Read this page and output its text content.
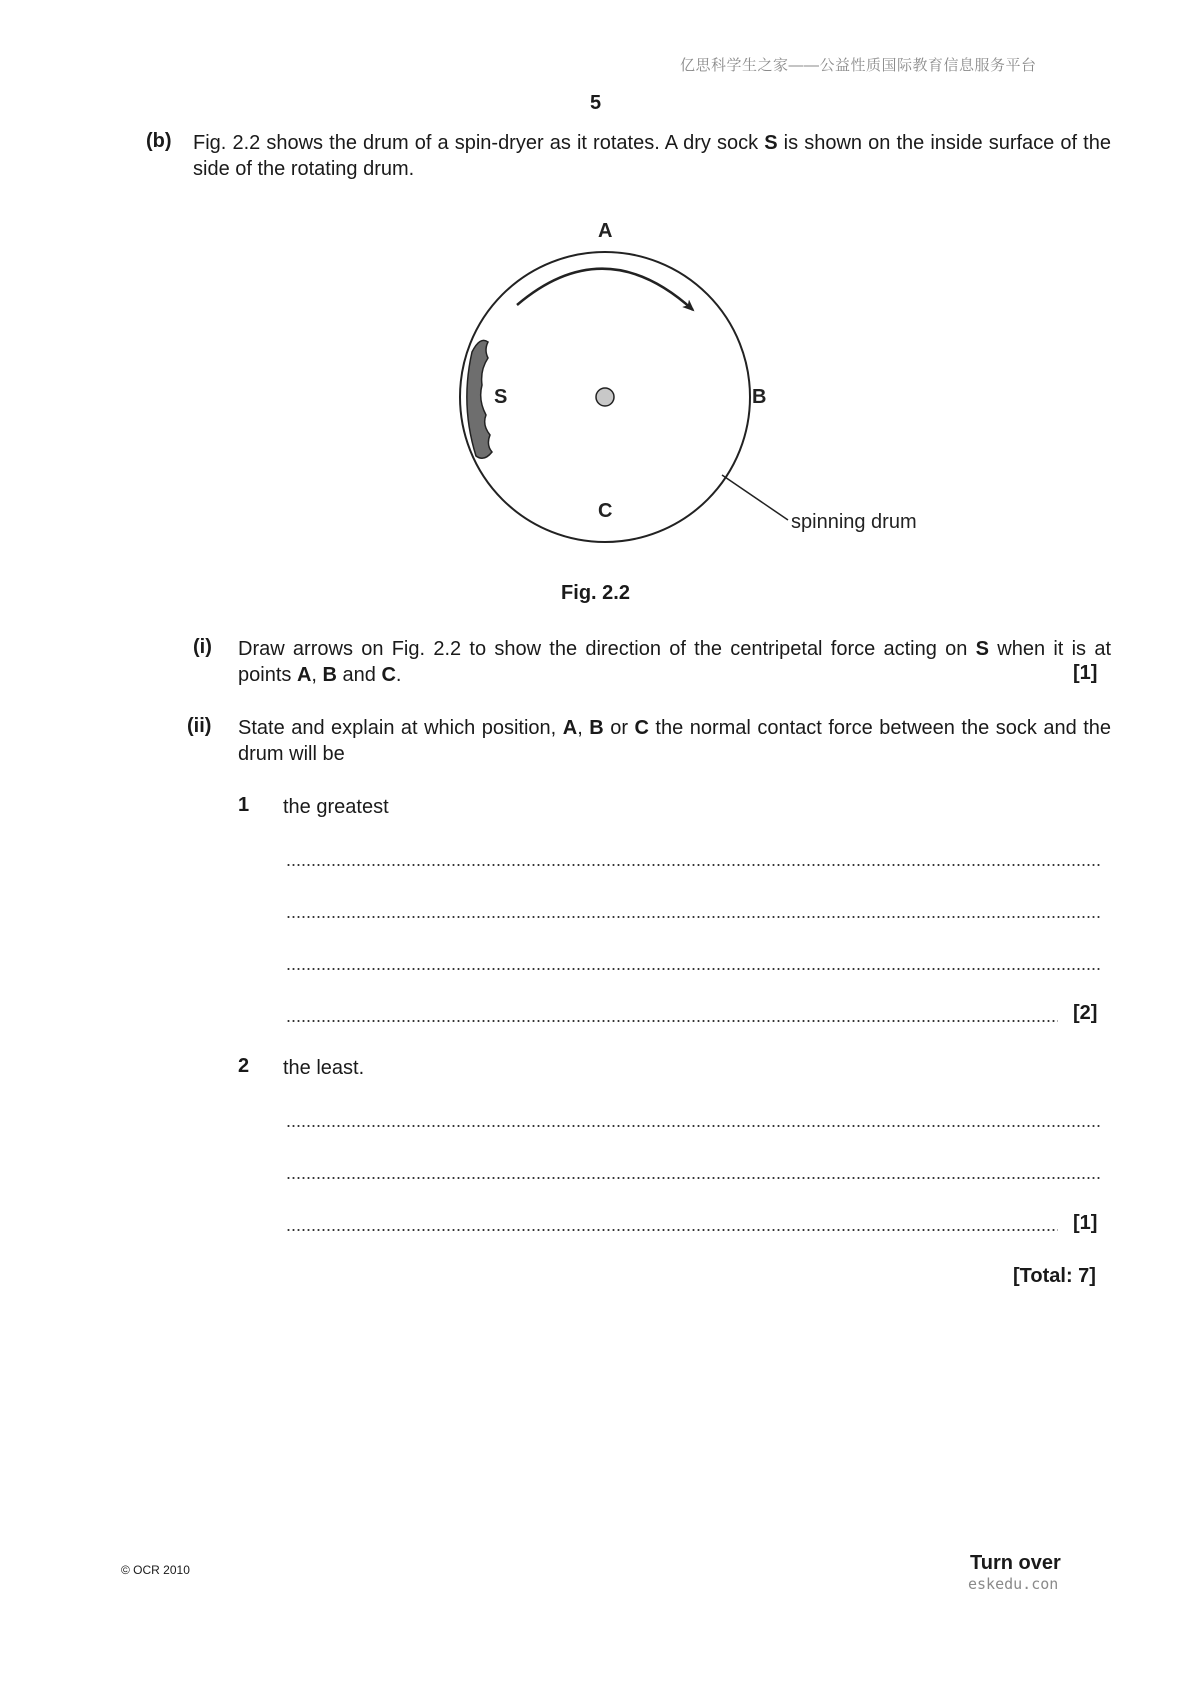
亿思科学生之家——公益性质国际教育信息服务平台
5
(b) Fig. 2.2 shows the drum of a spin-dryer as it rotates. A dry sock S is shown on the inside surface of the side of the rotating drum.
A
B
C
S
spinning drum
Fig. 2.2
(i) Draw arrows on Fig. 2.2 to show the direction of the centripetal force acting on S when it is at points A, B and C.	[1]
(ii) State and explain at which position, A, B or C the normal contact force between the sock and the drum will be
1 the greatest
[2]
2 the least.
[1]
[Total: 7]
© OCR 2010	Turn over
eskedu.con
